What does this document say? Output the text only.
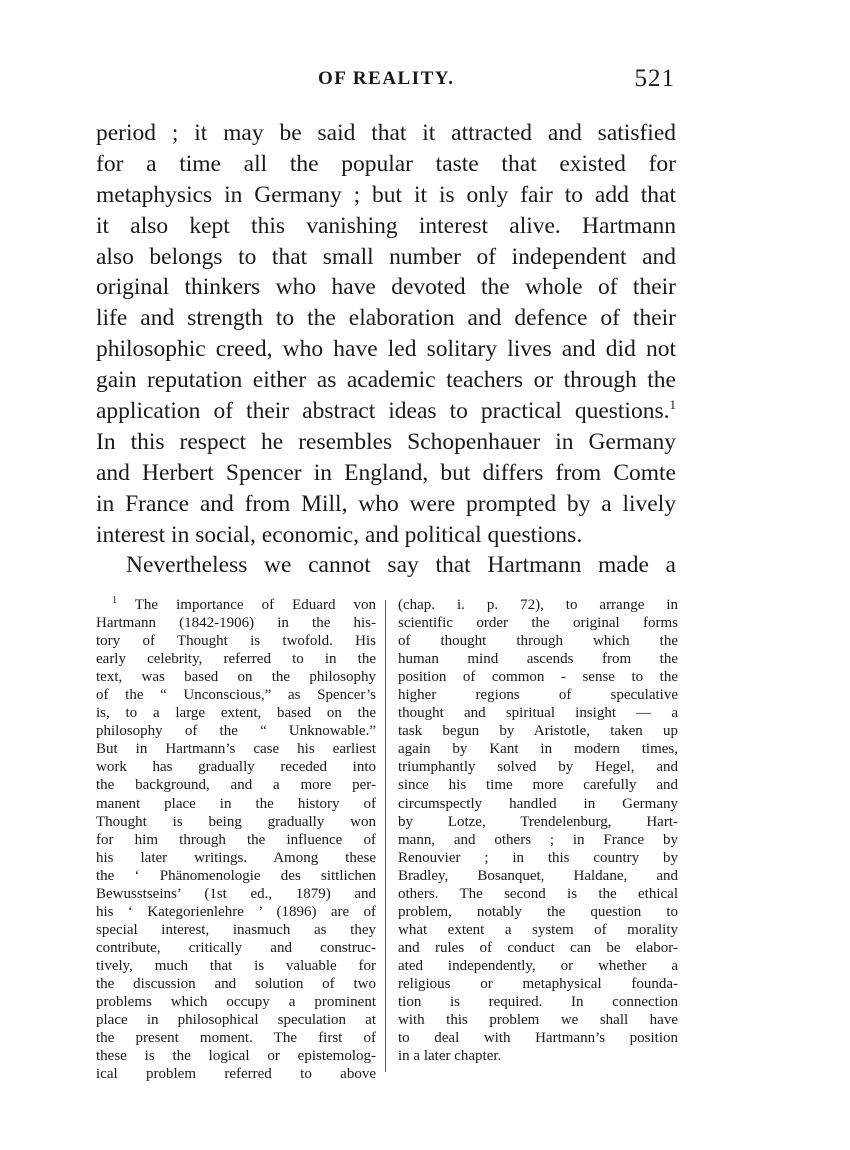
OF REALITY.	521
period ; it may be said that it attracted and satisfied
for a time all the popular taste that existed for
metaphysics in Germany ; but it is only fair to add that
it also kept this vanishing interest alive. Hartmann
also belongs to that small number of independent and
original thinkers who have devoted the whole of their
life and strength to the elaboration and defence of their
philosophic creed, who have led solitary lives and did not
gain reputation either as academic teachers or through the
application of their abstract ideas to practical questions.$^1$
In this respect he resembles Schopenhauer in Germany
and Herbert Spencer in England, but differs from Comte
in France and from Mill, who were prompted by a lively
interest in social, economic, and political questions.
Nevertheless we cannot say that Hartmann made a
$^1$ The importance of Eduard von
Hartmann (1842-1906) in the his-
tory of Thought is twofold. His
early celebrity, referred to in the
text, was based on the philosophy
of the “ Unconscious,” as Spencer’s
is, to a large extent, based on the
philosophy of the “ Unknowable.”
But in Hartmann’s case his earliest
work has gradually receded into
the background, and a more per-
manent place in the history of
Thought is being gradually won
for him through the influence of
his later writings. Among these
the ‘ Phänomenologie des sittlichen
Bewusstseins’ (1st ed., 1879) and
his ‘ Kategorienlehre ’ (1896) are of
special interest, inasmuch as they
contribute, critically and construc-
tively, much that is valuable for
the discussion and solution of two
problems which occupy a prominent
place in philosophical speculation at
the present moment. The first of
these is the logical or epistemolog-
ical problem referred to above
(chap. i. p. 72), to arrange in
scientific order the original forms
of thought through which the
human mind ascends from the
position of common - sense to the
higher regions of speculative
thought and spiritual insight — a
task begun by Aristotle, taken up
again by Kant in modern times,
triumphantly solved by Hegel, and
since his time more carefully and
circumspectly handled in Germany
by Lotze, Trendelenburg, Hart-
mann, and others ; in France by
Renouvier ; in this country by
Bradley, Bosanquet, Haldane, and
others. The second is the ethical
problem, notably the question to
what extent a system of morality
and rules of conduct can be elabor-
ated independently, or whether a
religious or metaphysical founda-
tion is required. In connection
with this problem we shall have
to deal with Hartmann’s position
in a later chapter.
